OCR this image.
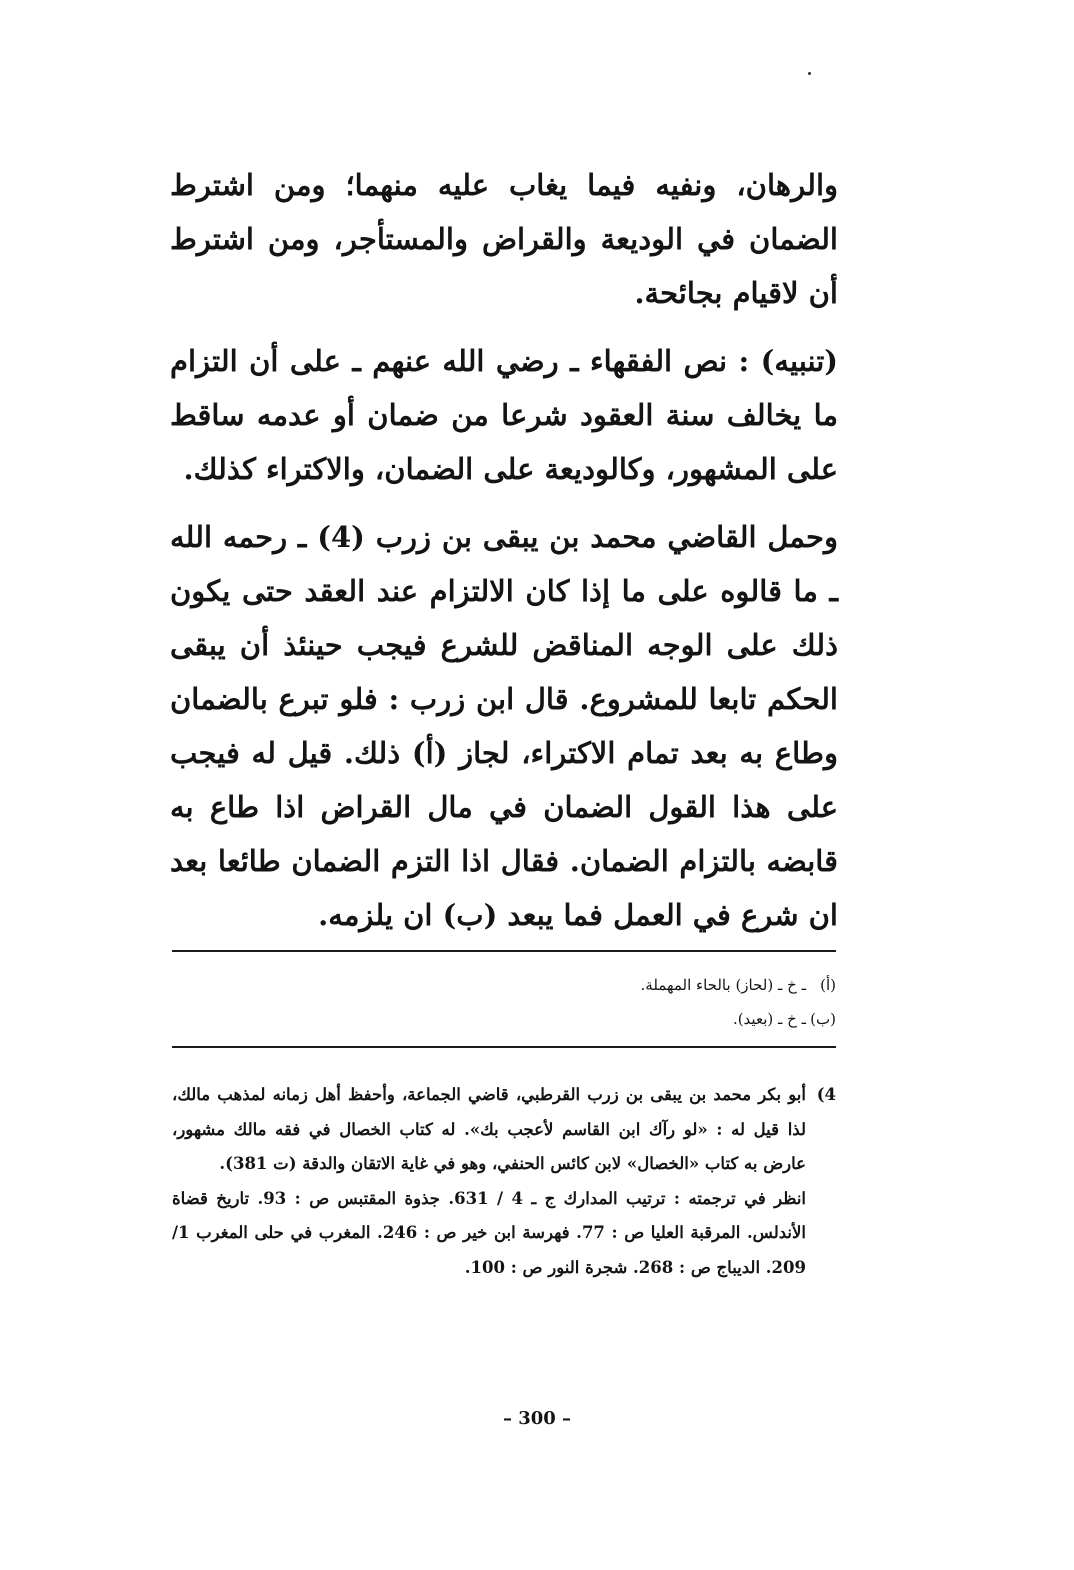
والرهان، ونفيه فيما يغاب عليه منهما؛ ومن اشترط الضمان في الوديعة والقراض والمستأجر، ومن اشترط أن لاقيام بجائحة.

(تنبيه) : نص الفقهاء ـ رضي الله عنهم ـ على أن التزام ما يخالف سنة العقود شرعا من ضمان أو عدمه ساقط على المشهور، وكالوديعة على الضمان، والاكتراء كذلك.

وحمل القاضي محمد بن يبقى بن زرب (4) ـ رحمه الله ـ ما قالوه على ما إذا كان الالتزام عند العقد حتى يكون ذلك على الوجه المناقض للشرع فيجب حينئذ أن يبقى الحكم تابعا للمشروع. قال ابن زرب : فلو تبرع بالضمان وطاع به بعد تمام الاكتراء، لجاز (أ) ذلك. قيل له فيجب على هذا القول الضمان في مال القراض اذا طاع به قابضه بالتزام الضمان. فقال اذا التزم الضمان طائعا بعد ان شرع في العمل فما يبعد (ب) ان يلزمه.

(أ)
ـ خ ـ (لحاز) بالحاء المهملة.
(ب)
ـ خ ـ (بعيد).
4)

أبو بكر محمد بن يبقى بن زرب القرطبي، قاضي الجماعة، وأحفظ أهل زمانه لمذهب مالك، لذا قيل له : «لو رآك ابن القاسم لأعجب بك». له كتاب الخصال في فقه مالك مشهور، عارض به كتاب «الخصال» لابن كائس الحنفي، وهو في غاية الاتقان والدقة (ت 381).

انظر في ترجمته : ترتيب المدارك ج ـ 4 / 631. جذوة المقتبس ص : 93. تاريخ قضاة الأندلس. المرقبة العليا ص : 77. فهرسة ابن خير ص : 246. المغرب في حلى المغرب 1/ 209. الديباج ص : 268. شجرة النور ص : 100.

– 300 –
